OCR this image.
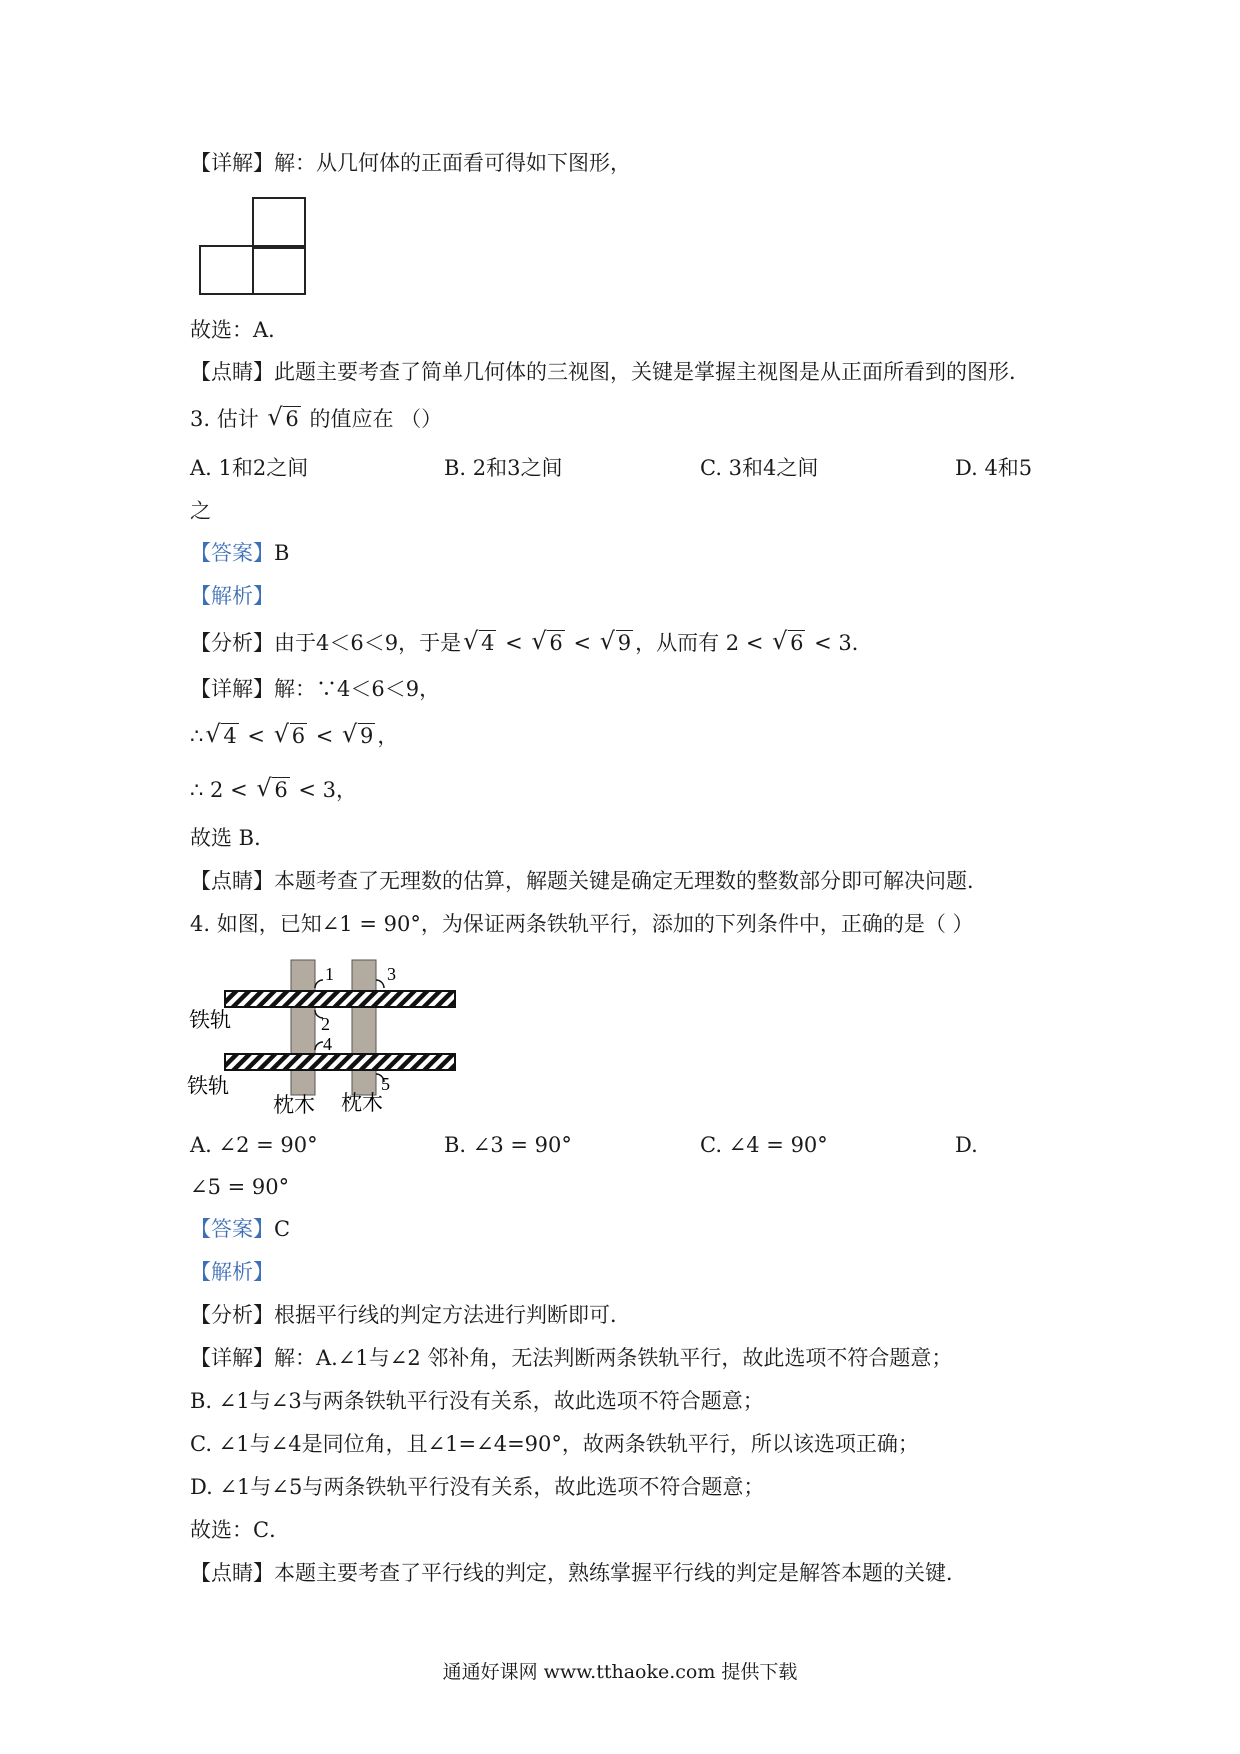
【详解】解：从几何体的正面看可得如下图形，
故选：A．
【点睛】此题主要考查了简单几何体的三视图，关键是掌握主视图是从正面所看到的图形．
3. 估计 √ 6 的值应在 （）
A. 1和2之间	B. 2和3之间	C. 3和4之间	D. 4和5
之
【答案】B
【解析】
【分析】由于4＜6＜9，于是 √ 4 < √ 6 < √ 9 ，从而有 2 < √ 6 < 3．
【详解】解：∵4＜6＜9，
∴ √ 4 < √ 6 < √ 9 ，
∴ 2 < √ 6 < 3，
故选 B．
【点睛】本题考查了无理数的估算，解题关键是确定无理数的整数部分即可解决问题．
4. 如图，已知∠1 = 90°，为保证两条铁轨平行，添加的下列条件中，正确的是（ ）
1	3
2
4
5
铁轨
铁轨
枕木 枕木
A. ∠2 = 90°	B. ∠3 = 90°	C. ∠4 = 90°	D.
∠5 = 90°
【答案】C
【解析】
【分析】根据平行线的判定方法进行判断即可．
【详解】解：A.∠1与∠2 邻补角，无法判断两条铁轨平行，故此选项不符合题意；
B. ∠1与∠3与两条铁轨平行没有关系，故此选项不符合题意；
C. ∠1与∠4是同位角，且∠1=∠4=90°，故两条铁轨平行，所以该选项正确；
D. ∠1与∠5与两条铁轨平行没有关系，故此选项不符合题意；
故选：C．
【点睛】本题主要考查了平行线的判定，熟练掌握平行线的判定是解答本题的关键．
通通好课网 www.tthaoke.com 提供下载
